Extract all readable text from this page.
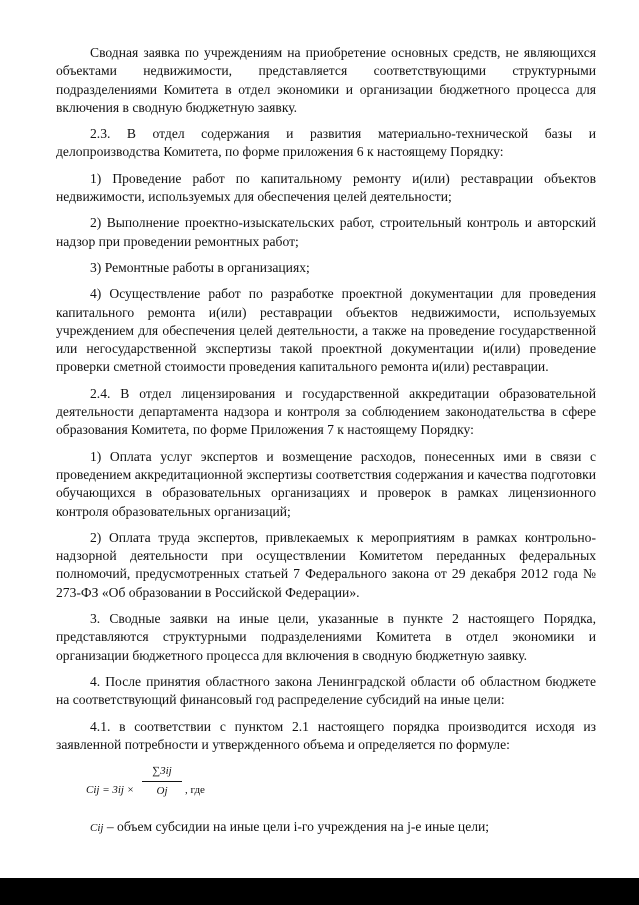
Сводная заявка по учреждениям на приобретение основных средств, не являющихся объектами недвижимости, представляется соответствующими структурными подразделениями Комитета в отдел экономики и организации бюджетного процесса для включения в сводную бюджетную заявку.

2.3. В отдел содержания и развития материально-технической базы и делопроизводства Комитета, по форме приложения 6 к настоящему Порядку:

1) Проведение работ по капитальному ремонту и(или) реставрации объектов недвижимости, используемых для обеспечения целей деятельности;

2) Выполнение проектно-изыскательских работ, строительный контроль и авторский надзор при проведении ремонтных работ;

3) Ремонтные работы в организациях;

4) Осуществление работ по разработке проектной документации для проведения капитального ремонта и(или) реставрации объектов недвижимости, используемых учреждением для обеспечения целей деятельности, а также на проведение государственной или негосударственной экспертизы такой проектной документации и(или) проведение проверки сметной стоимости проведения капитального ремонта и(или) реставрации.

2.4. В отдел лицензирования и государственной аккредитации образовательной деятельности департамента надзора и контроля за соблюдением законодательства в сфере образования Комитета, по форме Приложения 7 к настоящему Порядку:

1) Оплата услуг экспертов и возмещение расходов, понесенных ими в связи с проведением аккредитационной экспертизы соответствия содержания и качества подготовки обучающихся в образовательных организациях и проверок в рамках лицензионного контроля образовательных организаций;

2) Оплата труда экспертов, привлекаемых к мероприятиям в рамках контрольно-надзорной деятельности при осуществлении Комитетом переданных федеральных полномочий, предусмотренных статьей 7 Федерального закона от 29 декабря 2012 года № 273-ФЗ «Об образовании в Российской Федерации».

3. Сводные заявки на иные цели, указанные в пункте 2 настоящего Порядка, представляются структурными подразделениями Комитета в отдел экономики и организации бюджетного процесса для включения в сводную бюджетную заявку.

4. После принятия областного закона Ленинградской области об областном бюджете на соответствующий финансовый год распределение субсидий на иные цели:

4.1. в соответствии с пунктом 2.1 настоящего порядка производится исходя из заявленной потребности и утвержденного объема и определяется по формуле:

Cij = $3ij \times \frac{\sum 3ij}{Oj}$ , где

Cij – объем субсидии на иные цели i-го учреждения на j-е иные цели;
